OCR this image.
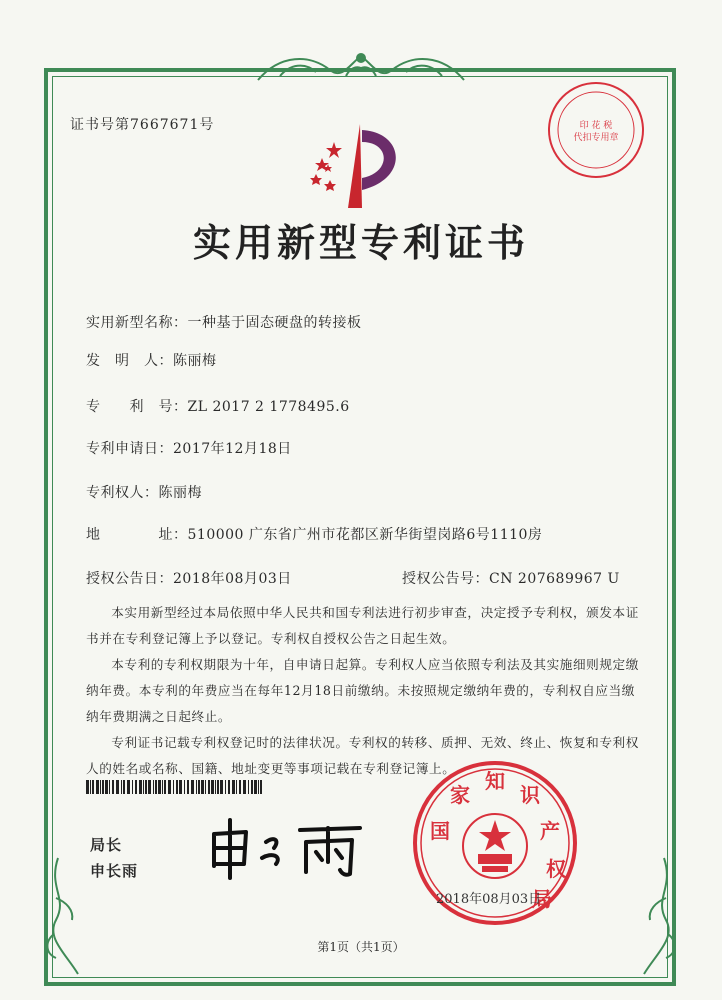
证书号第7667671号	印 花 税
代扣专用章
实用新型专利证书
实用新型名称：一种基于固态硬盘的转接板
发　明　人：陈丽梅
专　　利　号：ZL 2017 2 1778495.6
专利申请日：2017年12月18日
专利权人：陈丽梅
地　　　　址：510000 广东省广州市花都区新华街望岗路6号1110房
授权公告日：2018年08月03日	授权公告号：CN 207689967 U

本实用新型经过本局依照中华人民共和国专利法进行初步审查，决定授予专利权，颁发本证书并在专利登记簿上予以登记。专利权自授权公告之日起生效。

本专利的专利权期限为十年，自申请日起算。专利权人应当依照专利法及其实施细则规定缴纳年费。本专利的年费应当在每年12月18日前缴纳。未按照规定缴纳年费的，专利权自应当缴纳年费期满之日起终止。

专利证书记载专利权登记时的法律状况。专利权的转移、质押、无效、终止、恢复和专利权人的姓名或名称、国籍、地址变更等事项记载在专利登记簿上。

局长
申长雨
国
家
知
识
产
权
局
2018年08月03日
第1页（共1页）
